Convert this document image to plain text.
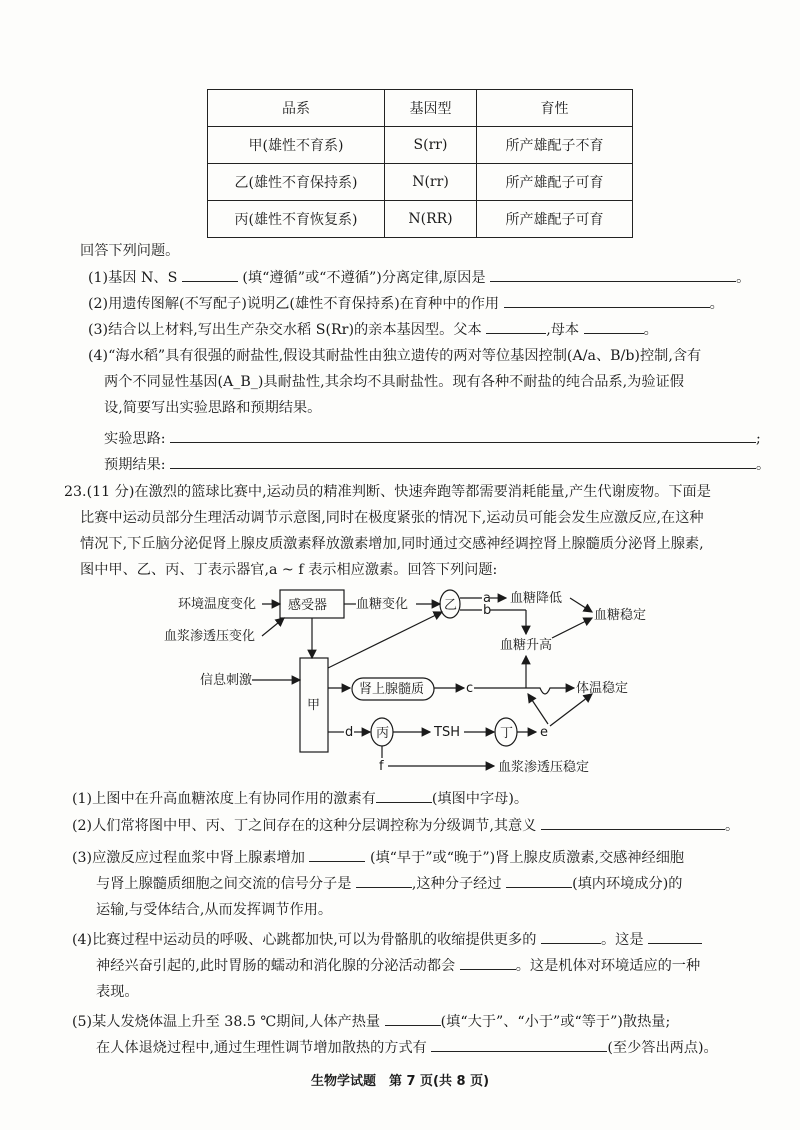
品系	基因型	育性
甲(雄性不育系)	S(rr)	所产雄配子不育
乙(雄性不育保持系)	N(rr)	所产雄配子可育
丙(雄性不育恢复系)	N(RR)	所产雄配子可育
回答下列问题。
(1)基因 N、S	(填“遵循”或“不遵循”)分离定律,原因是	。
(2)用遗传图解(不写配子)说明乙(雄性不育保持系)在育种中的作用	。
(3)结合以上材料,写出生产杂交水稻 S(Rr)的亲本基因型。父本	,母本	。
(4)“海水稻”具有很强的耐盐性,假设其耐盐性由独立遗传的两对等位基因控制(A/a、B/b)控制,含有
两个不同显性基因(A_B_)具耐盐性,其余均不具耐盐性。现有各种不耐盐的纯合品系,为验证假
设,简要写出实验思路和预期结果。
实验思路:	;
预期结果:	。
23.(11 分)在激烈的篮球比赛中,运动员的精准判断、快速奔跑等都需要消耗能量,产生代谢废物。下面是
比赛中运动员部分生理活动调节示意图,同时在极度紧张的情况下,运动员可能会发生应激反应,在这种
情况下,下丘脑分泌促肾上腺皮质激素释放激素增加,同时通过交感神经调控肾上腺髓质分泌肾上腺素,
图中甲、乙、丙、丁表示器官,a ~ f 表示相应激素。回答下列问题:
环境温度变化 感受器
血浆渗透压变化
信息刺激
甲
血糖变化	乙 a
b
血糖降低
血糖稳定
血糖升高
肾上腺髓质	c	体温稳定
d 丙	TSH	丁 e
f	血浆渗透压稳定
(1)上图中在升高血糖浓度上有协同作用的激素有	(填图中字母)。
(2)人们常将图中甲、丙、丁之间存在的这种分层调控称为分级调节,其意义	。
(3)应激反应过程血浆中肾上腺素增加	(填“早于”或“晚于”)肾上腺皮质激素,交感神经细胞
与肾上腺髓质细胞之间交流的信号分子是	,这种分子经过	(填内环境成分)的
运输,与受体结合,从而发挥调节作用。
(4)比赛过程中运动员的呼吸、心跳都加快,可以为骨骼肌的收缩提供更多的	。这是
神经兴奋引起的,此时胃肠的蠕动和消化腺的分泌活动都会	。这是机体对环境适应的一种
表现。
(5)某人发烧体温上升至 38.5 ℃期间,人体产热量	(填“大于”、“小于”或“等于”)散热量;
在人体退烧过程中,通过生理性调节增加散热的方式有	(至少答出两点)。
生物学试题　第 7 页(共 8 页)
